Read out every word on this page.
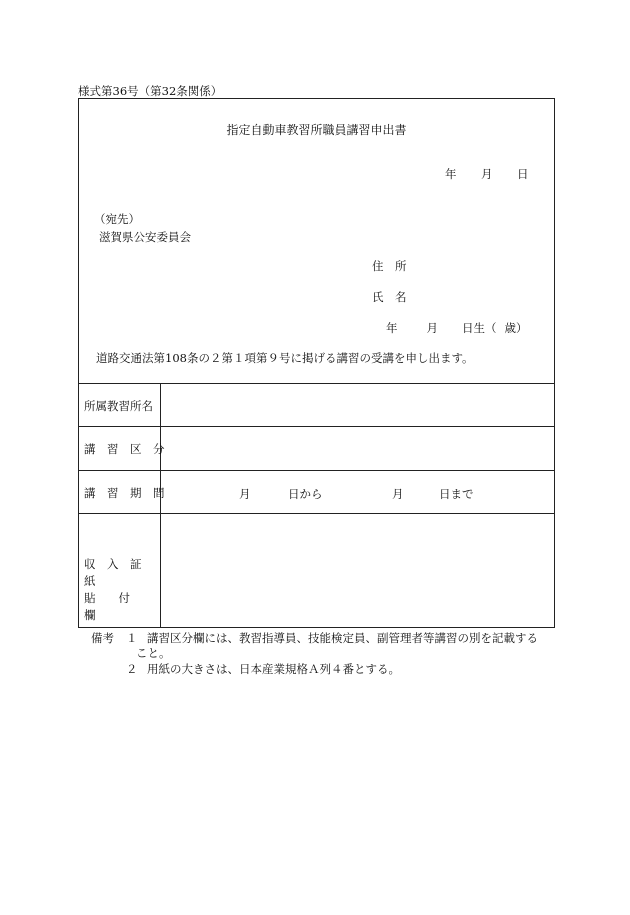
様式第36号（第32条関係）
指定自動車教習所職員講習申出書
年 月 日
（宛先）
滋賀県公安委員会
住　所
氏　名
年	月 日生（ 歳）
道路交通法第108条の２第１項第９号に掲げる講習の受講を申し出ます。
所属教習所名
講　習　区　分
講　習　期　間	月	日から	月	日まで
収　入　証　紙
貼　　付　　欄
備考 １ 講習区分欄には、教習指導員、技能検定員、副管理者等講習の別を記載する
こと。
２ 用紙の大きさは、日本産業規格Ａ列４番とする。
